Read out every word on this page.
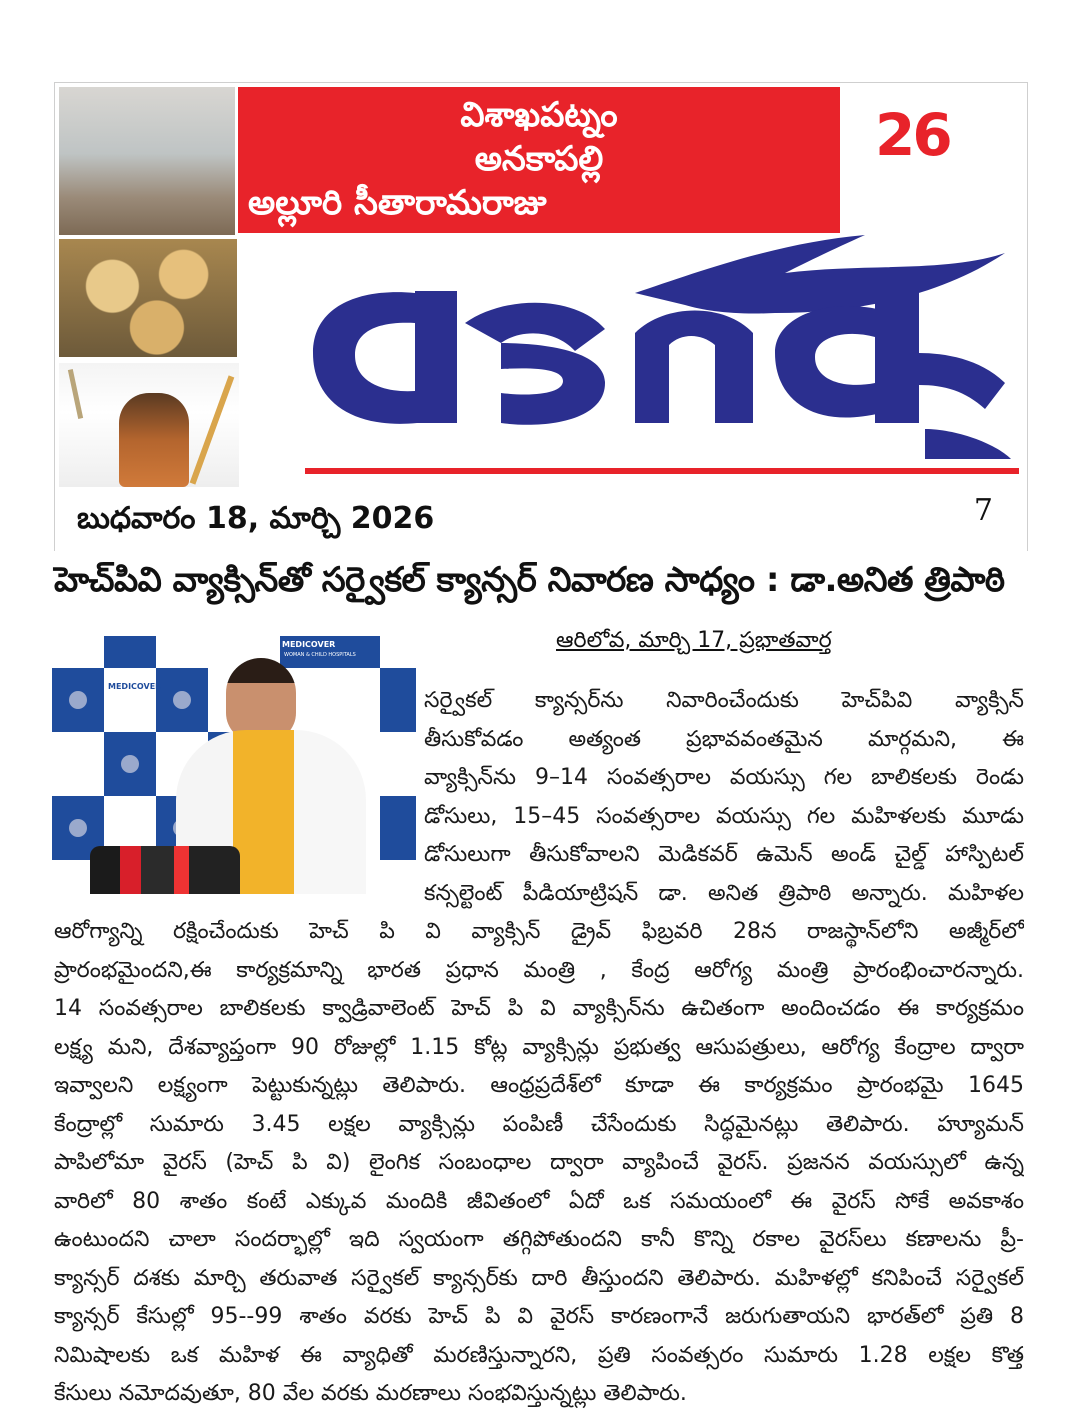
విశాఖపట్నం
అనకాపల్లి
అల్లూరి సీతారామరాజు
26
బుధవారం 18, మార్చి 2026	7
హెచ్‌పివి వ్యాక్సిన్‌తో సర్వైకల్ క్యాన్సర్ నివారణ సాధ్యం : డా.అనిత త్రిపాఠి
MEDICOVER
MEDICOVER
WOMAN & CHILD HOSPITALS
ఆరిలోవ, మార్చి 17, ప్రభాతవార్త
సర్వైకల్ క్యాన్సర్‌ను నివారించేందుకు హెచ్‌పివి వ్యాక్సిన్
తీసుకోవడం అత్యంత ప్రభావవంతమైన మార్గమని, ఈ
వ్యాక్సిన్‌ను 9–14 సంవత్సరాల వయస్సు గల బాలికలకు రెండు
డోసులు, 15–45 సంవత్సరాల వయస్సు గల మహిళలకు మూడు
డోసులుగా తీసుకోవాలని మెడికవర్ ఉమెన్ అండ్ చైల్డ్ హాస్పిటల్
కన్సల్టెంట్ పీడియాట్రిషన్ డా. అనిత త్రిపాఠి అన్నారు. మహిళల
ఆరోగ్యాన్ని రక్షించేందుకు హెచ్ పి వి వ్యాక్సిన్ డ్రైవ్ ఫిబ్రవరి 28న రాజస్థాన్‌లోని అజ్మీర్‌లో
ప్రారంభమైందని,ఈ కార్యక్రమాన్ని భారత ప్రధాన మంత్రి , కేంద్ర ఆరోగ్య మంత్రి ప్రారంభించారన్నారు.
14 సంవత్సరాల బాలికలకు క్వాడ్రివాలెంట్ హెచ్ పి వి వ్యాక్సిన్‌ను ఉచితంగా అందించడం ఈ కార్యక్రమం
లక్ష్య మని, దేశవ్యాప్తంగా 90 రోజుల్లో 1.15 కోట్ల వ్యాక్సిన్లు ప్రభుత్వ ఆసుపత్రులు, ఆరోగ్య కేంద్రాల ద్వారా
ఇవ్వాలని లక్ష్యంగా పెట్టుకున్నట్లు తెలిపారు. ఆంధ్రప్రదేశ్‌లో కూడా ఈ కార్యక్రమం ప్రారంభమై 1645
కేంద్రాల్లో సుమారు 3.45 లక్షల వ్యాక్సిన్లు పంపిణీ చేసేందుకు సిద్ధమైనట్లు తెలిపారు. హ్యూమన్
పాపిలోమా వైరస్ (హెచ్ పి వి) లైంగిక సంబంధాల ద్వారా వ్యాపించే వైరస్. ప్రజనన వయస్సులో ఉన్న
వారిలో 80 శాతం కంటే ఎక్కువ మందికి జీవితంలో ఏదో ఒక సమయంలో ఈ వైరస్ సోకే అవకాశం
ఉంటుందని చాలా సందర్భాల్లో ఇది స్వయంగా తగ్గిపోతుందని కానీ కొన్ని రకాల వైరస్‌లు కణాలను ప్రీ-
క్యాన్సర్ దశకు మార్చి తరువాత సర్వైకల్ క్యాన్సర్‌కు దారి తీస్తుందని తెలిపారు. మహిళల్లో కనిపించే సర్వైకల్
క్యాన్సర్ కేసుల్లో 95--99 శాతం వరకు హెచ్ పి వి వైరస్ కారణంగానే జరుగుతాయని భారత్‌లో ప్రతి 8
నిమిషాలకు ఒక మహిళ ఈ వ్యాధితో మరణిస్తున్నారని, ప్రతి సంవత్సరం సుమారు 1.28 లక్షల కొత్త
కేసులు నమోదవుతూ, 80 వేల వరకు మరణాలు సంభవిస్తున్నట్లు తెలిపారు.
